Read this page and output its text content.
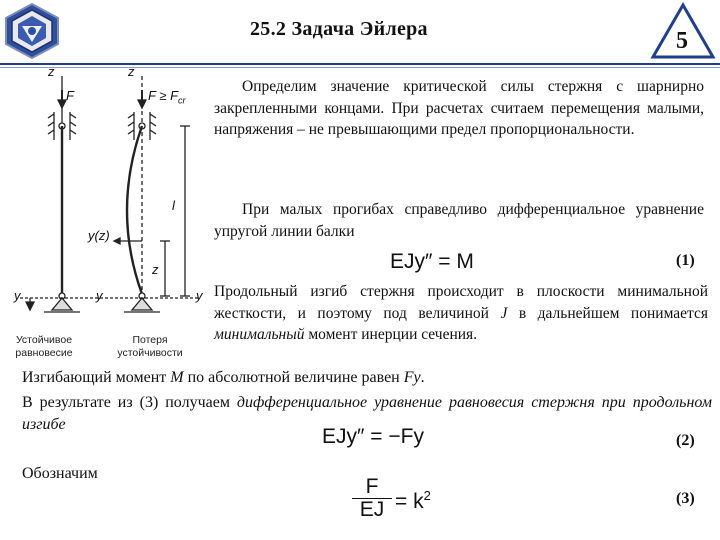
25.2 Задача Эйлера	5
z	z
F	$F \ge F_{cr}$
y(z)
l
z
y	y	y
Устойчивое
равновесие
Потеря
устойчивости
Определим значение критической силы стержня с шарнирно закрепленными концами. При расчетах считаем перемещения малыми, напряжения – не превышающими предел пропорциональности.
При малых прогибах справедливо дифференциальное уравнение упругой линии балки
EJy″ = M	(1)
Продольный изгиб стержня происходит в плоскости минимальной жесткости, и поэтому под величиной J в дальнейшем понимается минимальный момент инерции сечения.
Изгибающий момент M по абсолютной величине равен Fy.
В результате из (3) получаем дифференциальное уравнение равновесия стержня при продольном изгибе
EJy″ = −Fy	(2)
Обозначим
$\frac{F}{EJ} = k^2$	(3)
